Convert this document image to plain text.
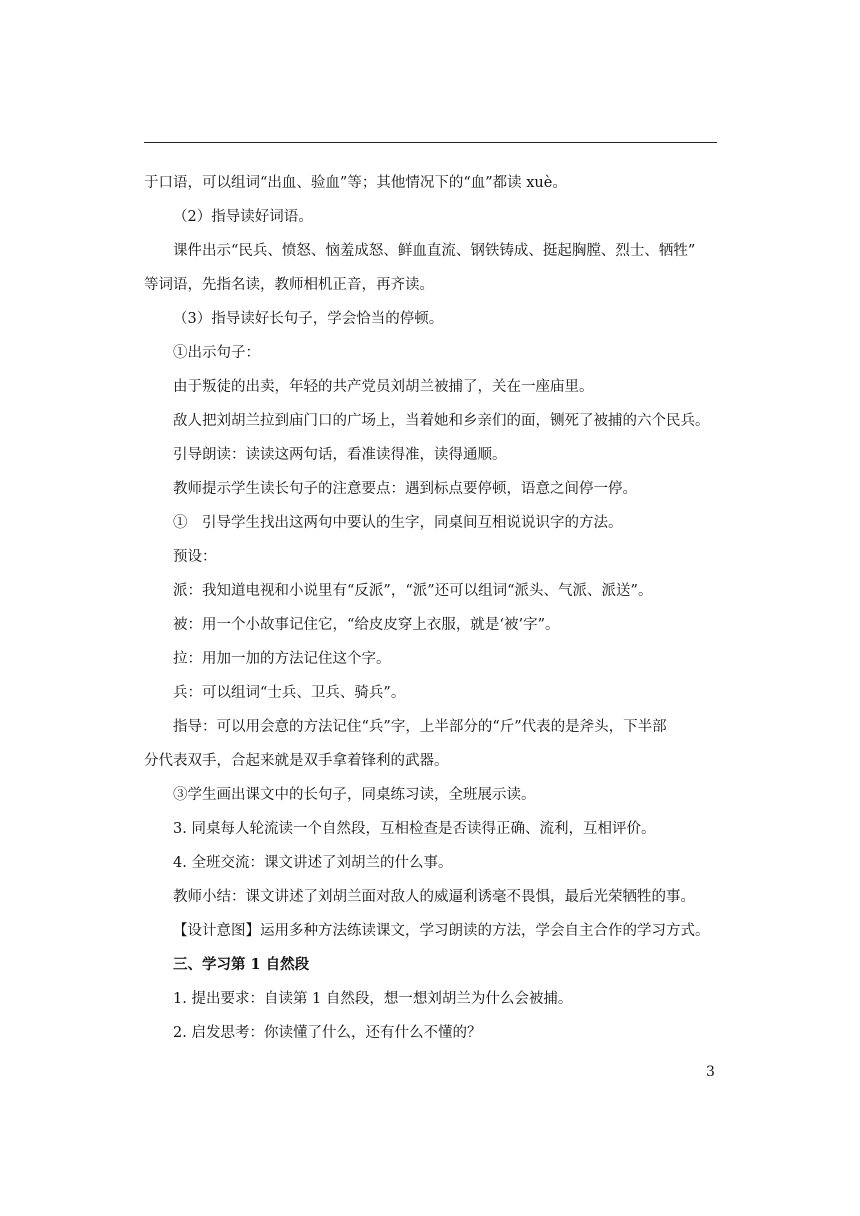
于口语，可以组词“出血、验血”等；其他情况下的“血”都读 xuè。

（2）指导读好词语。

课件出示“民兵、愤怒、恼羞成怒、鲜血直流、钢铁铸成、挺起胸膛、烈士、牺牲”

等词语，先指名读，教师相机正音，再齐读。

（3）指导读好长句子，学会恰当的停顿。

①出示句子：

由于叛徒的出卖，年轻的共产党员刘胡兰被捕了，关在一座庙里。

敌人把刘胡兰拉到庙门口的广场上，当着她和乡亲们的面，铡死了被捕的六个民兵。

引导朗读：读读这两句话，看准读得准，读得通顺。

教师提示学生读长句子的注意要点：遇到标点要停顿，语意之间停一停。

①　引导学生找出这两句中要认的生字，同桌间互相说说识字的方法。

预设：

派：我知道电视和小说里有“反派”，“派”还可以组词“派头、气派、派送”。

被：用一个小故事记住它，“给皮皮穿上衣服，就是‘被’字”。

拉：用加一加的方法记住这个字。

兵：可以组词“士兵、卫兵、骑兵”。

指导：可以用会意的方法记住“兵”字，上半部分的“斤”代表的是斧头，下半部

分代表双手，合起来就是双手拿着锋利的武器。

③学生画出课文中的长句子，同桌练习读，全班展示读。

3. 同桌每人轮流读一个自然段，互相检查是否读得正确、流利，互相评价。

4. 全班交流：课文讲述了刘胡兰的什么事。

教师小结：课文讲述了刘胡兰面对敌人的威逼利诱毫不畏惧，最后光荣牺牲的事。

【设计意图】运用多种方法练读课文，学习朗读的方法，学会自主合作的学习方式。

三、学习第 1 自然段

1. 提出要求：自读第 1 自然段，想一想刘胡兰为什么会被捕。

2. 启发思考：你读懂了什么，还有什么不懂的？

3
